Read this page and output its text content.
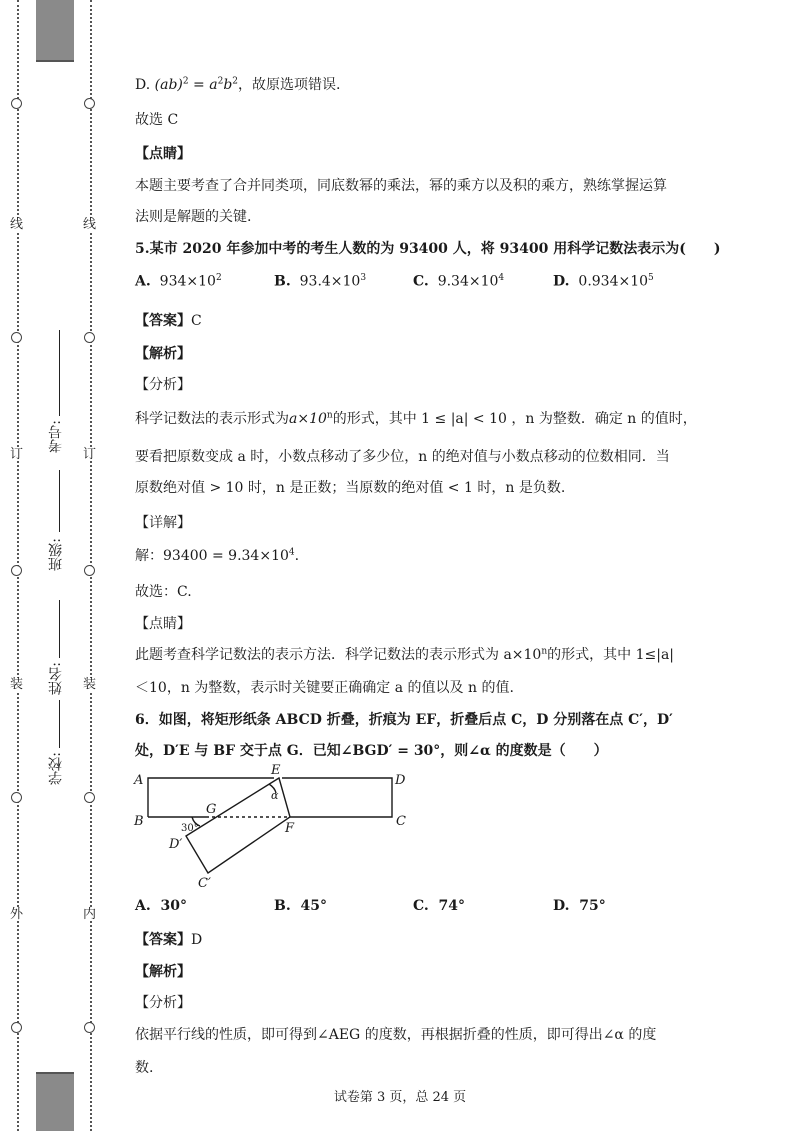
线
订
装
外
线
订
装
内
学校:
姓名:
班级:
考号:
D. $(ab)^2 = a^2b^2$，故原选项错误.
故选 C
【点睛】
本题主要考查了合并同类项，同底数幂的乘法，幂的乘方以及积的乘方，熟练掌握运算
法则是解题的关键.
5.某市 2020 年参加中考的考生人数的为 93400 人，将 93400 用科学记数法表示为(　　)
A. $934\times 10^2$	B. $93.4\times 10^3$	C. $9.34\times 10^4$	D. $0.934\times 10^5$
【答案】C
【解析】
【分析】
科学记数法的表示形式为$a\times 10^n$的形式，其中 1 ≤ |a| < 10 ，n 为整数．确定 n 的值时，
要看把原数变成 a 时，小数点移动了多少位，n 的绝对值与小数点移动的位数相同．当
原数绝对值 > 10 时，n 是正数；当原数的绝对值 < 1 时，n 是负数.
【详解】
解：$93400 = 9.34\times 10^4$.
故选：C.
【点睛】
此题考查科学记数法的表示方法．科学记数法的表示形式为 $a\times 10^n$的形式，其中 1≤|a|
＜10，n 为整数，表示时关键要正确确定 a 的值以及 n 的值.
6．如图，将矩形纸条 ABCD 折叠，折痕为 EF，折叠后点 C，D 分别落在点 C′，D′
处，D′E 与 BF 交于点 G．已知∠BGD′ = 30°，则∠α 的度数是（　　）
A
B	C
D
E
F
G
D′
C′
α
30°
A. 30°	B. 45°	C. 74°	D. 75°
【答案】D
【解析】
【分析】
依据平行线的性质，即可得到∠AEG 的度数，再根据折叠的性质，即可得出∠α 的度
数.
试卷第 3 页，总 24 页
